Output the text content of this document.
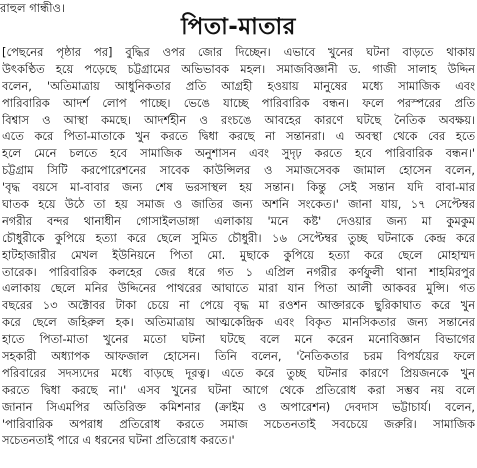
রাহুল গান্ধীও।
পিতা-মাতার
[পেছনের পৃষ্ঠার পর] বুদ্ধির ওপর জোর দিচ্ছেন। এভাবে খুনের ঘটনা বাড়তে থাকায়
উৎকণ্ঠিত হয়ে পড়েছে চট্টগ্রামের অভিভাবক মহল। সমাজবিজ্ঞানী ড. গাজী সালাহ উদ্দিন
বলেন, 'অতিমাত্রায় আধুনিকতার প্রতি আগ্রহী হওয়ায় মানুষের মধ্যে সামাজিক এবং
পারিবারিক আদর্শ লোপ পাচ্ছে। ভেঙে যাচ্ছে পারিবারিক বন্ধন। ফলে পরস্পরের প্রতি
বিশ্বাস ও আস্থা কমছে। আদর্শহীন ও রংচঙে আবহের কারণে ঘটছে নৈতিক অবক্ষয়।
এতে করে পিতা-মাতাকে খুন করতে দ্বিধা করছে না সন্তানরা। এ অবস্থা থেকে বের হতে
হলে মেনে চলতে হবে সামাজিক অনুশাসন এবং সুদৃঢ় করতে হবে পারিবারিক বন্ধন।'
চট্টগ্রাম সিটি করপোরেশনের সাবেক কাউন্সিলর ও সমাজসেবক জামাল হোসেন বলেন,
'বৃদ্ধ বয়সে মা-বাবার জন্য শেষ ভরসাস্থল হয় সন্তান। কিন্তু সেই সন্তান যদি বাবা-মার
ঘাতক হয়ে উঠে তা হয় সমাজ ও জাতির জন্য অশনি সংকেত।' জানা যায়, ১৭ সেপ্টেম্বর
নগরীর বন্দর থানাধীন গোসাইলডাঙ্গা এলাকায় 'মনে কষ্ট' দেওয়ার জন্য মা কুমকুম
চৌধুরীকে কুপিয়ে হত্যা করে ছেলে সুমিত চৌধুরী। ১৬ সেপ্টেম্বর তুচ্ছ ঘটনাকে কেন্দ্র করে
হাটহাজারীর মেখল ইউনিয়নে পিতা মো. মুছাকে কুপিয়ে হত্যা করে ছেলে মোহাম্মদ
তারেক। পারিবারিক কলহের জের ধরে গত ১ এপ্রিল নগরীর কর্ণফুলী থানা শাহমিরপুর
এলাকায় ছেলে মনির উদ্দিনের পাথরের আঘাতে মারা যান পিতা আলী আকবর মুন্সি। গত
বছরের ১৩ অক্টোবর টাকা চেয়ে না পেয়ে বৃদ্ধ মা রওশন আক্তারকে ছুরিকাঘাত করে খুন
করে ছেলে জহিরুল হক। অতিমাত্রায় আত্মকেন্দ্রিক এবং বিকৃত মানসিকতার জন্য সন্তানের
হাতে পিতা-মাতা খুনের মতো ঘটনা ঘটছে বলে মনে করেন মনোবিজ্ঞান বিভাগের
সহকারী অধ্যাপক আফজাল হোসেন। তিনি বলেন, 'নৈতিকতার চরম বিপর্যয়ের ফলে
পরিবারের সদস্যদের মধ্যে বাড়ছে দূরত্ব। এতে করে তুচ্ছ ঘটনার কারণে প্রিয়জনকে খুন
করতে দ্বিধা করছে না।' এসব খুনের ঘটনা আগে থেকে প্রতিরোধ করা সম্ভব নয় বলে
জানান সিএমপির অতিরিক্ত কমিশনার (ক্রাইম ও অপারেশন) দেবদাস ভট্টাচার্য। বলেন,
'পারিবারিক অপরাধ প্রতিরোধ করতে সমাজ সচেতনতাই সবচেয়ে জরুরি। সামাজিক
সচেতনতাই পারে এ ধরনের ঘটনা প্রতিরোধ করতে।'
